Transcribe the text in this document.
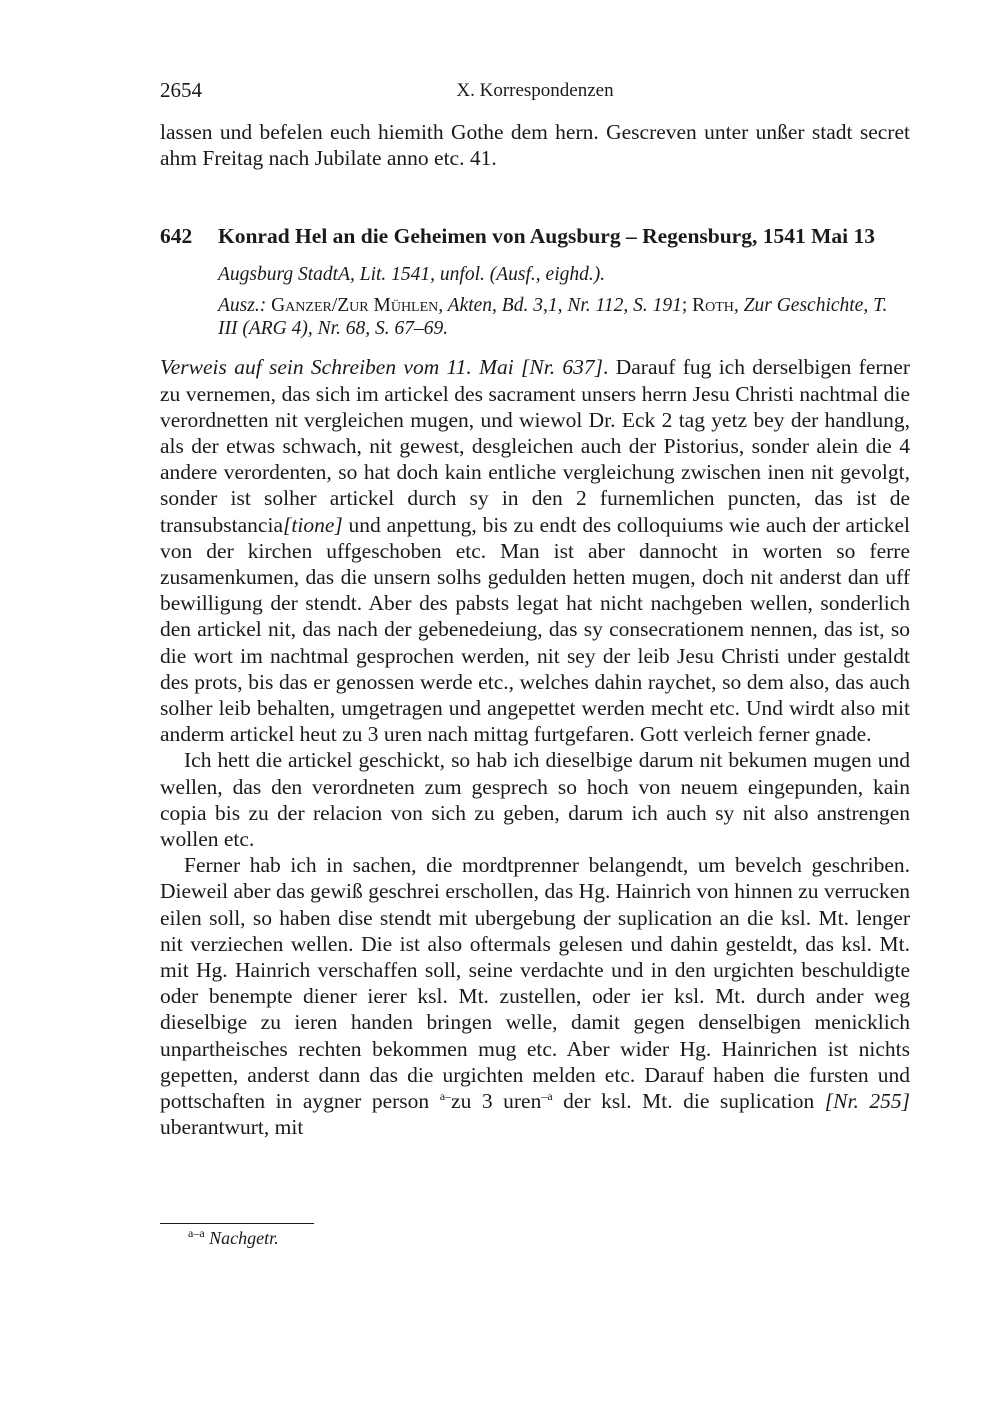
2654	X. Korrespondenzen

lassen und befelen euch hiemith Gothe dem hern. Gescreven unter unßer stadt secret ahm Freitag nach Jubilate anno etc. 41.

642 Konrad Hel an die Geheimen von Augsburg – Regensburg, 1541 Mai 13
Augsburg StadtA, Lit. 1541, unfol. (Ausf., eighd.).
Ausz.: Ganzer/Zur Mühlen, Akten, Bd. 3,1, Nr. 112, S. 191; Roth, Zur Geschichte, T. III (ARG 4), Nr. 68, S. 67–69.

Verweis auf sein Schreiben vom 11. Mai [Nr. 637]. Darauf fug ich derselbigen ferner zu vernemen, das sich im artickel des sacrament unsers herrn Jesu Christi nachtmal die verordnetten nit vergleichen mugen, und wiewol Dr. Eck 2 tag yetz bey der handlung, als der etwas schwach, nit gewest, desgleichen auch der Pistorius, sonder alein die 4 andere verordenten, so hat doch kain entliche vergleichung zwischen inen nit gevolgt, sonder ist solher artickel durch sy in den 2 furnemlichen puncten, das ist de transubstancia[tione] und anpettung, bis zu endt des colloquiums wie auch der artickel von der kirchen uffgeschoben etc. Man ist aber dannocht in worten so ferre zusamenkumen, das die unsern solhs gedulden hetten mugen, doch nit anderst dan uff bewilligung der stendt. Aber des pabsts legat hat nicht nachgeben wellen, sonderlich den artickel nit, das nach der gebenedeiung, das sy consecrationem nennen, das ist, so die wort im nachtmal gesprochen werden, nit sey der leib Jesu Christi under gestaldt des prots, bis das er genossen werde etc., welches dahin raychet, so dem also, das auch solher leib behalten, umgetragen und angepettet werden mecht etc. Und wirdt also mit anderm artickel heut zu 3 uren nach mittag furtgefaren. Gott verleich ferner gnade.

Ich hett die artickel geschickt, so hab ich dieselbige darum nit bekumen mugen und wellen, das den verordneten zum gesprech so hoch von neuem eingepunden, kain copia bis zu der relacion von sich zu geben, darum ich auch sy nit also anstrengen wollen etc.

Ferner hab ich in sachen, die mordtprenner belangendt, um bevelch geschriben. Dieweil aber das gewiß geschrei erschollen, das Hg. Hainrich von hinnen zu verrucken eilen soll, so haben dise stendt mit ubergebung der suplication an die ksl. Mt. lenger nit verziechen wellen. Die ist also oftermals gelesen und dahin gesteldt, das ksl. Mt. mit Hg. Hainrich verschaffen soll, seine verdachte und in den urgichten beschuldigte oder benempte diener ierer ksl. Mt. zustellen, oder ier ksl. Mt. durch ander weg dieselbige zu ieren handen bringen welle, damit gegen denselbigen menicklich unpartheisches rechten bekommen mug etc. Aber wider Hg. Hainrichen ist nichts gepetten, anderst dann das die urgichten melden etc. Darauf haben die fursten und pottschaften in aygner person $^{a-}$zu 3 uren$^{-a}$ der ksl. Mt. die suplication [Nr. 255] uberantwurt, mit

$^{a-a}$ Nachgetr.
